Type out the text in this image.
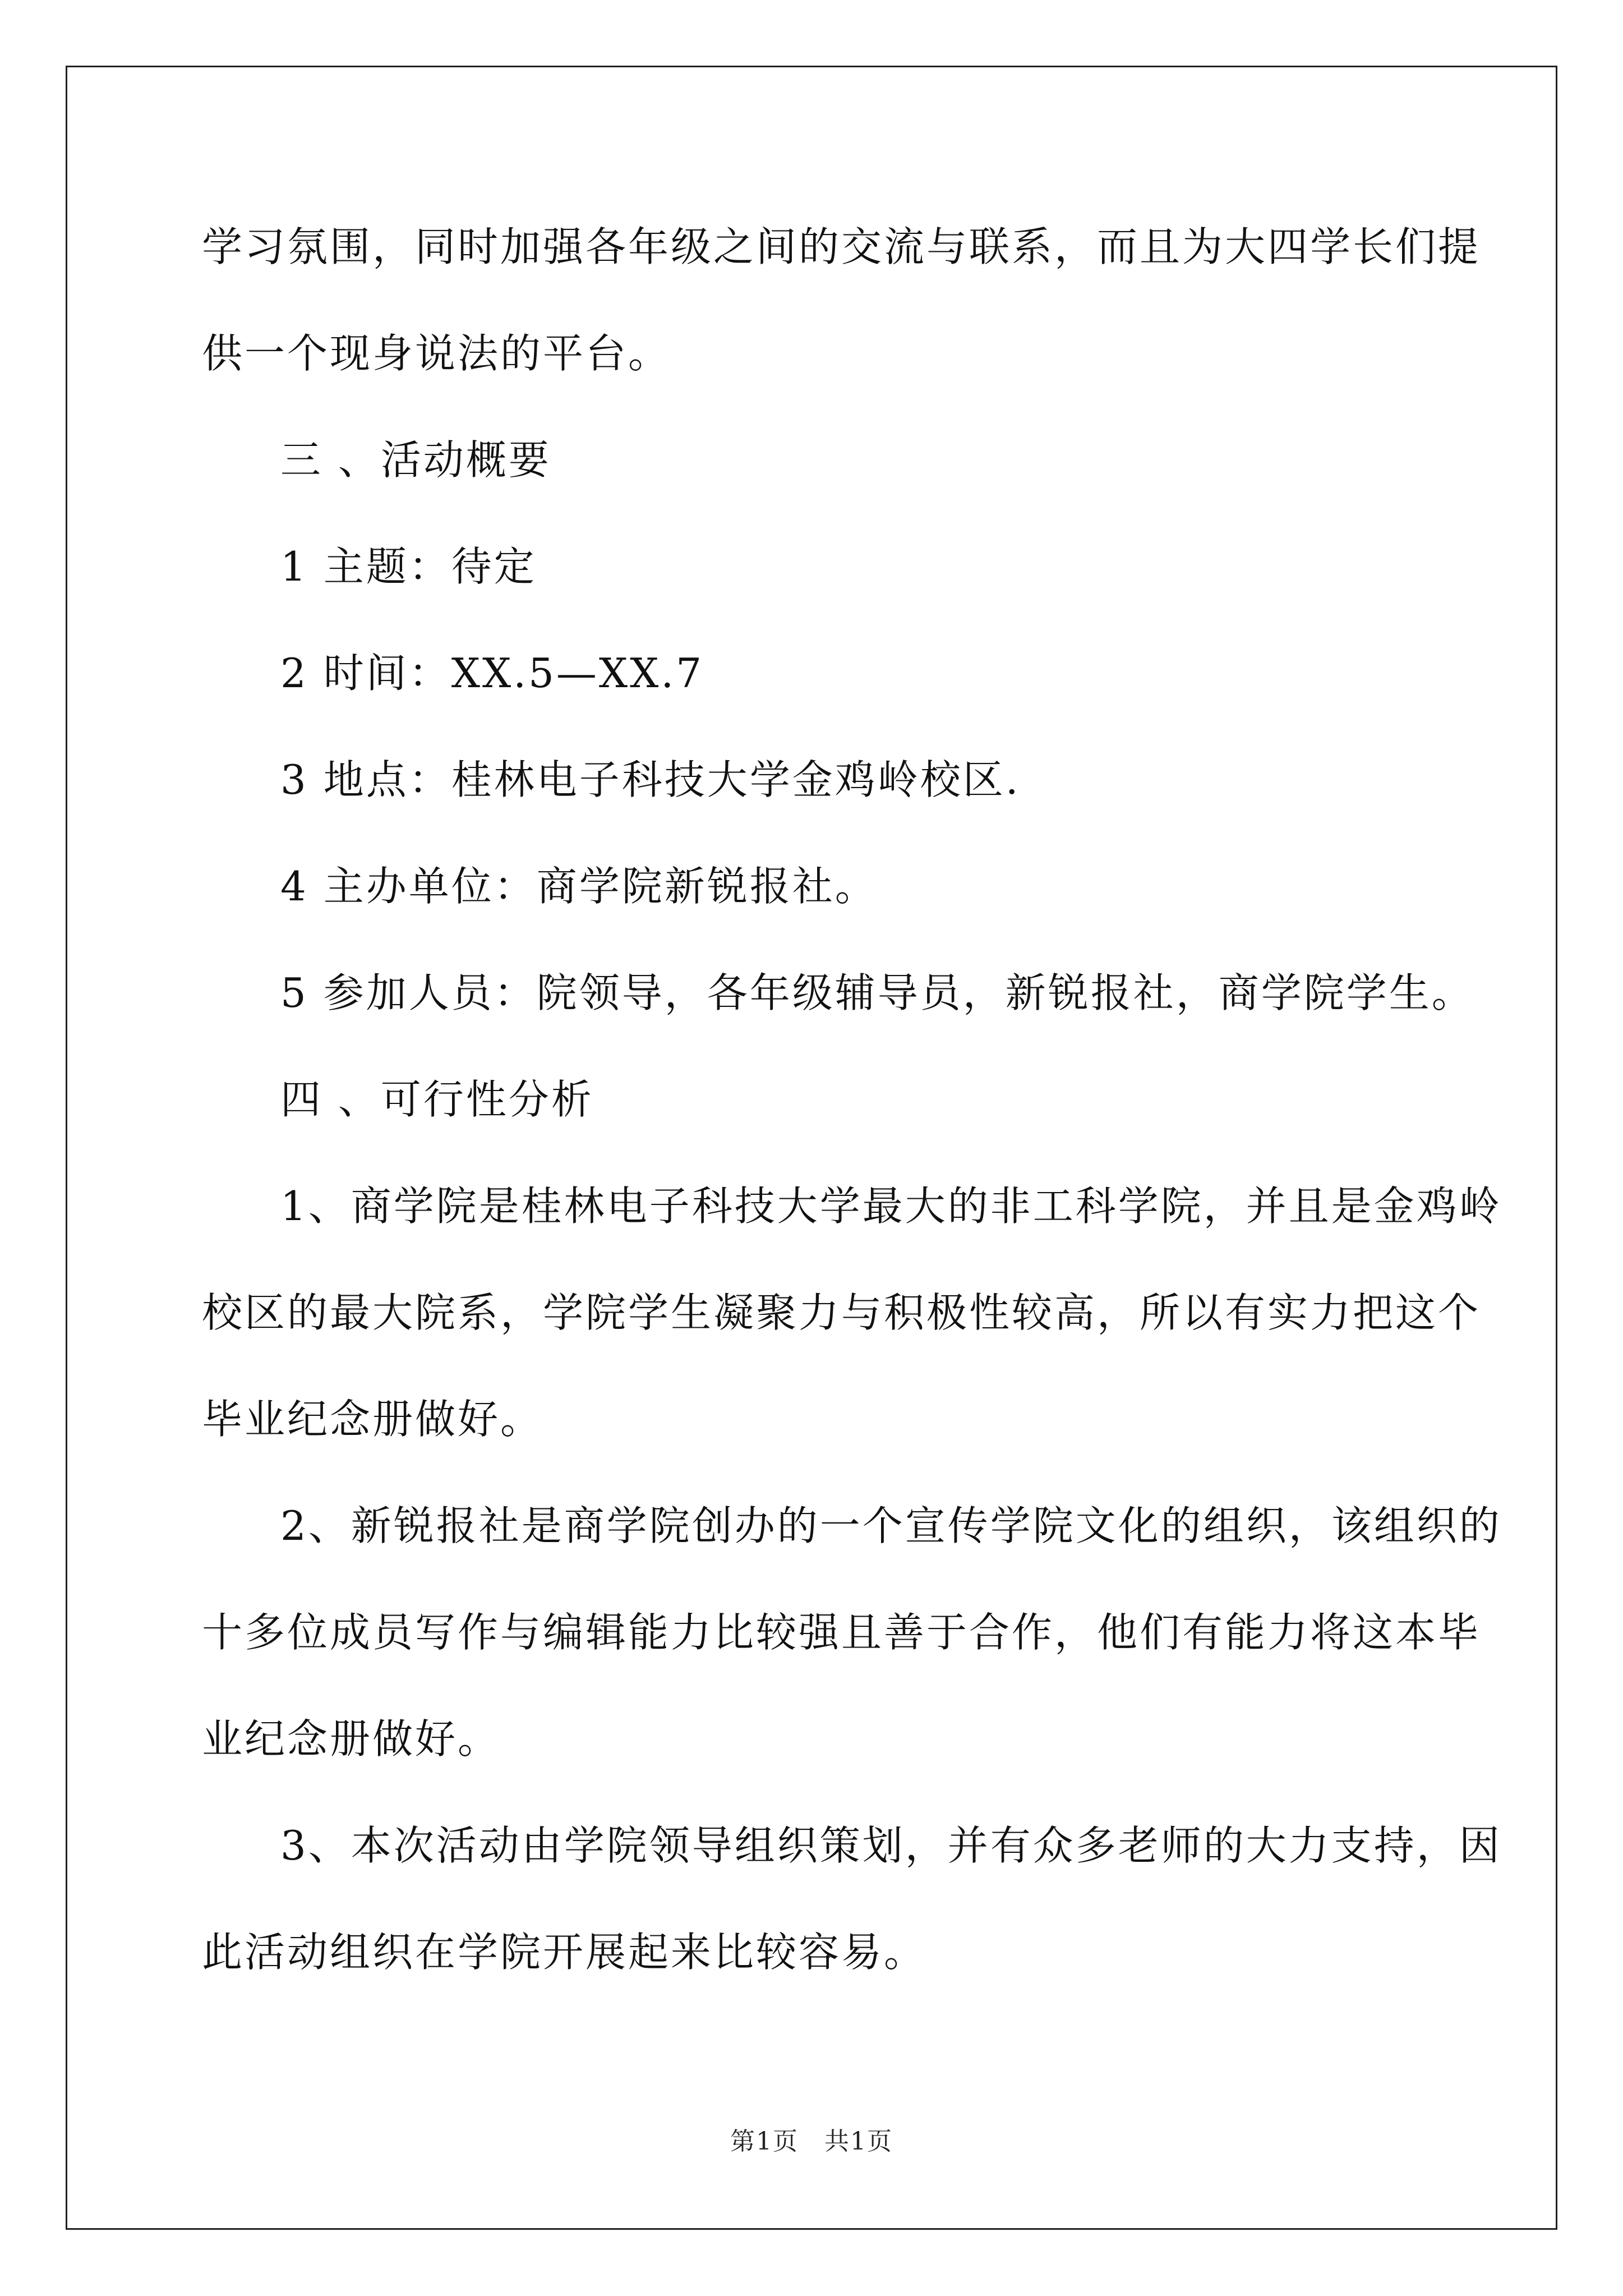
学习氛围，同时加强各年级之间的交流与联系，而且为大四学长们提
供一个现身说法的平台。
三 、活动概要
1 主题：待定
2 时间：XX.5—XX.7
3 地点：桂林电子科技大学金鸡岭校区.
4 主办单位：商学院新锐报社。
5 参加人员：院领导，各年级辅导员，新锐报社，商学院学生。
四 、可行性分析
1、商学院是桂林电子科技大学最大的非工科学院，并且是金鸡岭
校区的最大院系，学院学生凝聚力与积极性较高，所以有实力把这个
毕业纪念册做好。
2、新锐报社是商学院创办的一个宣传学院文化的组织，该组织的
十多位成员写作与编辑能力比较强且善于合作，他们有能力将这本毕
业纪念册做好。
3、本次活动由学院领导组织策划，并有众多老师的大力支持，因
此活动组织在学院开展起来比较容易。
第1页　共1页
